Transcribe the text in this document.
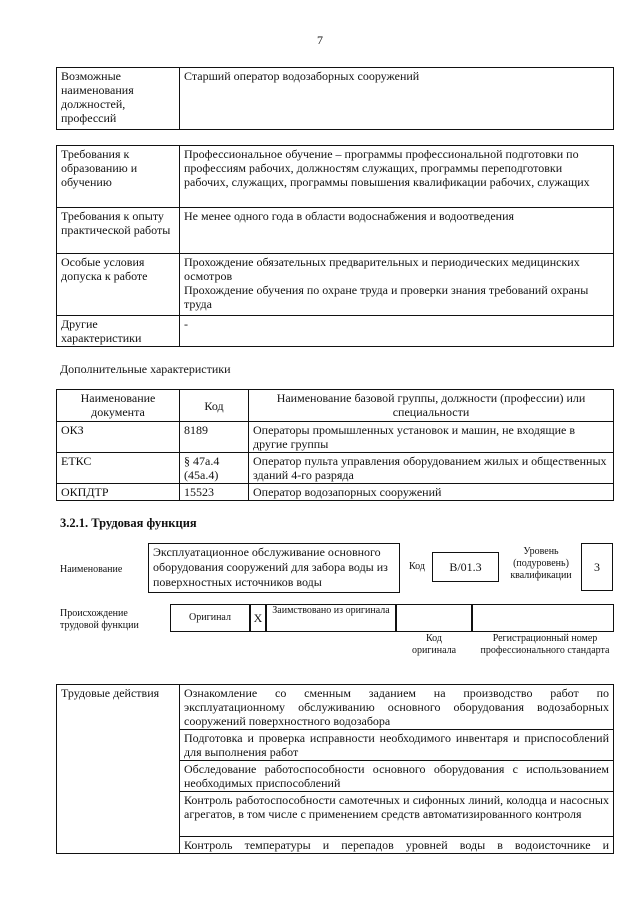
7
Возможные наименования должностей, профессий	Старший оператор водозаборных сооружений
Требования к образованию и обучению	Профессиональное обучение – программы профессиональной подготовки по профессиям рабочих, должностям служащих, программы переподготовки рабочих, служащих, программы повышения квалификации рабочих, служащих
Требования к опыту практической работы	Не менее одного года в области водоснабжения и водоотведения
Особые условия допуска к работе	Прохождение обязательных предварительных и периодических медицинских осмотров
Прохождение обучения по охране труда и проверки знания требований охраны труда

Другие характеристики	-
Дополнительные характеристики
Наименование документа	Код	Наименование базовой группы, должности (профессии) или специальности
ОКЗ	8189	Операторы промышленных установок и машин, не входящие в другие группы
ЕТКС	§ 47а.4 (45а.4)	Оператор пульта управления оборудованием жилых и общественных зданий 4-го разряда
ОКПДТР	15523	Оператор водозапорных сооружений
3.2.1. Трудовая функция
Наименование
Эксплуатационное обслуживание основного оборудования сооружений для забора воды из поверхностных источников воды
Код	B/01.3
Уровень (подуровень) квалификации
3
Происхождение трудовой функции
Оригинал	X
Заимствовано из оригинала
Код оригинала
Регистрационный номер профессионального стандарта
Трудовые действия	Ознакомление со сменным заданием на производство работ по эксплуатационному обслуживанию основного оборудования водозаборных сооружений поверхностного водозабора
Подготовка и проверка исправности необходимого инвентаря и приспособлений для выполнения работ
Обследование работоспособности основного оборудования с использованием необходимых приспособлений
Контроль работоспособности самотечных и сифонных линий, колодца и насосных агрегатов, в том числе с применением средств автоматизированного контроля
Контроль температуры и перепадов уровней воды в водоисточнике и
